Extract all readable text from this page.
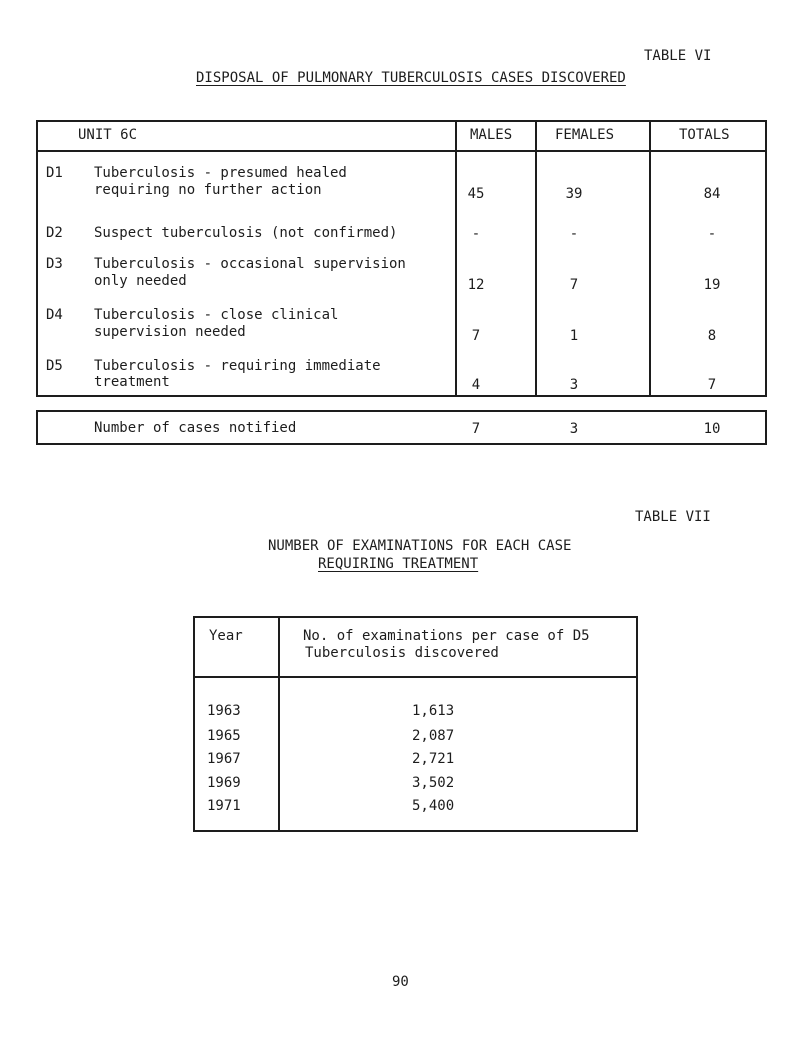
TABLE VI
DISPOSAL OF PULMONARY TUBERCULOSIS CASES DISCOVERED
UNIT 6C	MALES	FEMALES	TOTALS
D1 Tuberculosis - presumed healed
requiring no further action	45	39	84
D2 Suspect tuberculosis (not confirmed)	-	-	-
D3 Tuberculosis - occasional supervision
only needed	12	7	19
D4 Tuberculosis - close clinical
supervision needed	7	1	8
D5 Tuberculosis - requiring immediate
treatment	4	3	7
Number of cases notified	7	3	10
TABLE VII
NUMBER OF EXAMINATIONS FOR EACH CASE
REQUIRING TREATMENT
Year	No. of examinations per case of D5
Tuberculosis discovered
1963	1,613
1965	2,087
1967	2,721
1969	3,502
1971	5,400
90
